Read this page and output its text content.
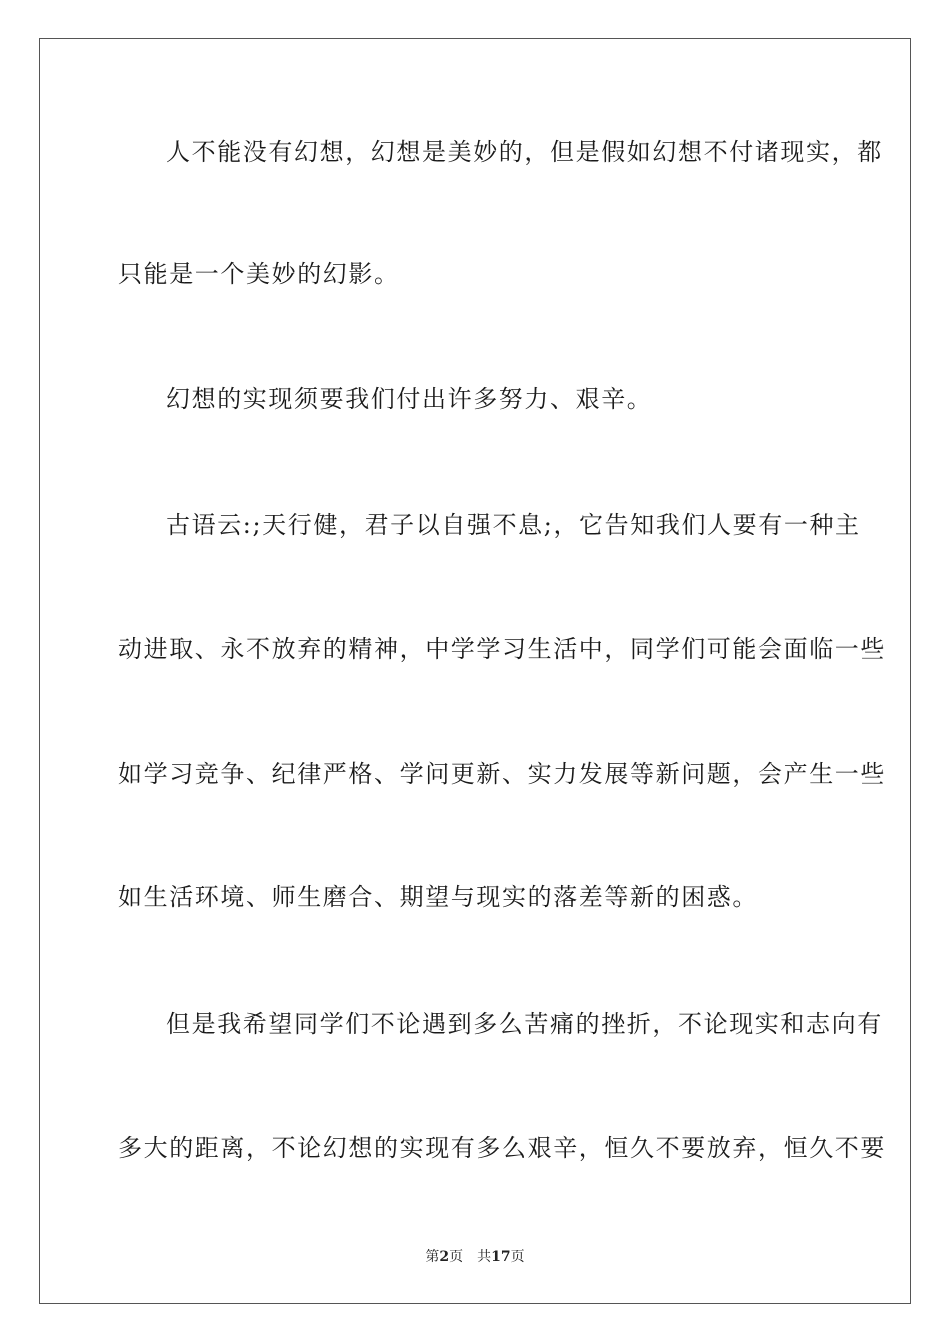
人不能没有幻想，幻想是美妙的，但是假如幻想不付诸现实，都
只能是一个美妙的幻影。
幻想的实现须要我们付出许多努力、艰辛。
古语云:;天行健，君子以自强不息;，它告知我们人要有一种主
动进取、永不放弃的精神，中学学习生活中，同学们可能会面临一些
如学习竞争、纪律严格、学问更新、实力发展等新问题，会产生一些
如生活环境、师生磨合、期望与现实的落差等新的困惑。
但是我希望同学们不论遇到多么苦痛的挫折，不论现实和志向有
多大的距离，不论幻想的实现有多么艰辛，恒久不要放弃，恒久不要
第2页 共17页
